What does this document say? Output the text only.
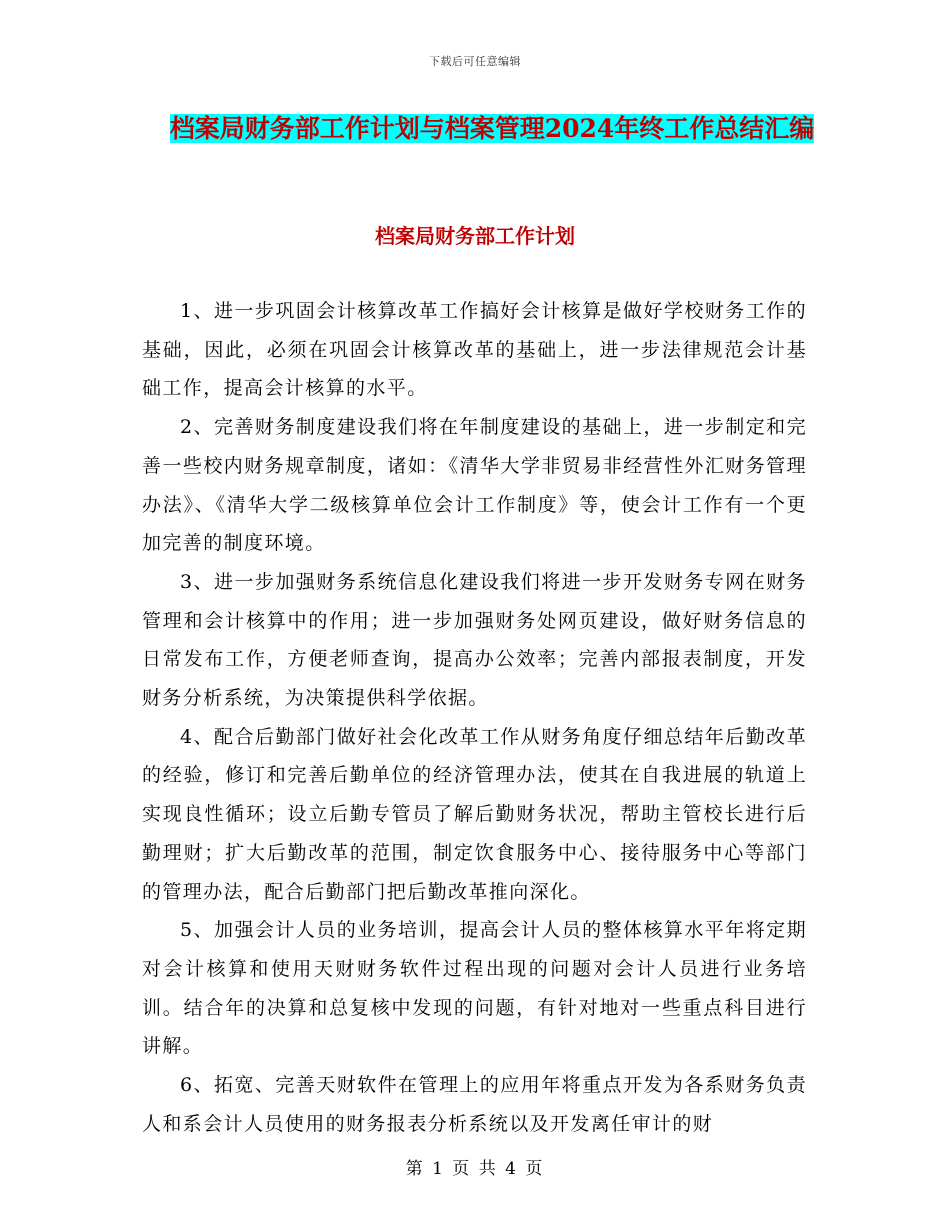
下载后可任意编辑
档案局财务部工作计划与档案管理2024年终工作总结汇编
档案局财务部工作计划

1、进一步巩固会计核算改革工作搞好会计核算是做好学校财务工作的基础，因此，必须在巩固会计核算改革的基础上，进一步法律规范会计基础工作，提高会计核算的水平。

2、完善财务制度建设我们将在年制度建设的基础上，进一步制定和完善一些校内财务规章制度，诸如：《清华大学非贸易非经营性外汇财务管理办法》、《清华大学二级核算单位会计工作制度》等，使会计工作有一个更加完善的制度环境。

3、进一步加强财务系统信息化建设我们将进一步开发财务专网在财务管理和会计核算中的作用；进一步加强财务处网页建设，做好财务信息的日常发布工作，方便老师查询，提高办公效率；完善内部报表制度，开发财务分析系统，为决策提供科学依据。

4、配合后勤部门做好社会化改革工作从财务角度仔细总结年后勤改革的经验，修订和完善后勤单位的经济管理办法，使其在自我进展的轨道上实现良性循环；设立后勤专管员了解后勤财务状况，帮助主管校长进行后勤理财；扩大后勤改革的范围，制定饮食服务中心、接待服务中心等部门的管理办法，配合后勤部门把后勤改革推向深化。

5、加强会计人员的业务培训，提高会计人员的整体核算水平年将定期对会计核算和使用天财财务软件过程出现的问题对会计人员进行业务培训。结合年的决算和总复核中发现的问题，有针对地对一些重点科目进行讲解。

6、拓宽、完善天财软件在管理上的应用年将重点开发为各系财务负责人和系会计人员使用的财务报表分析系统以及开发离任审计的财

第 1 页 共 4 页
